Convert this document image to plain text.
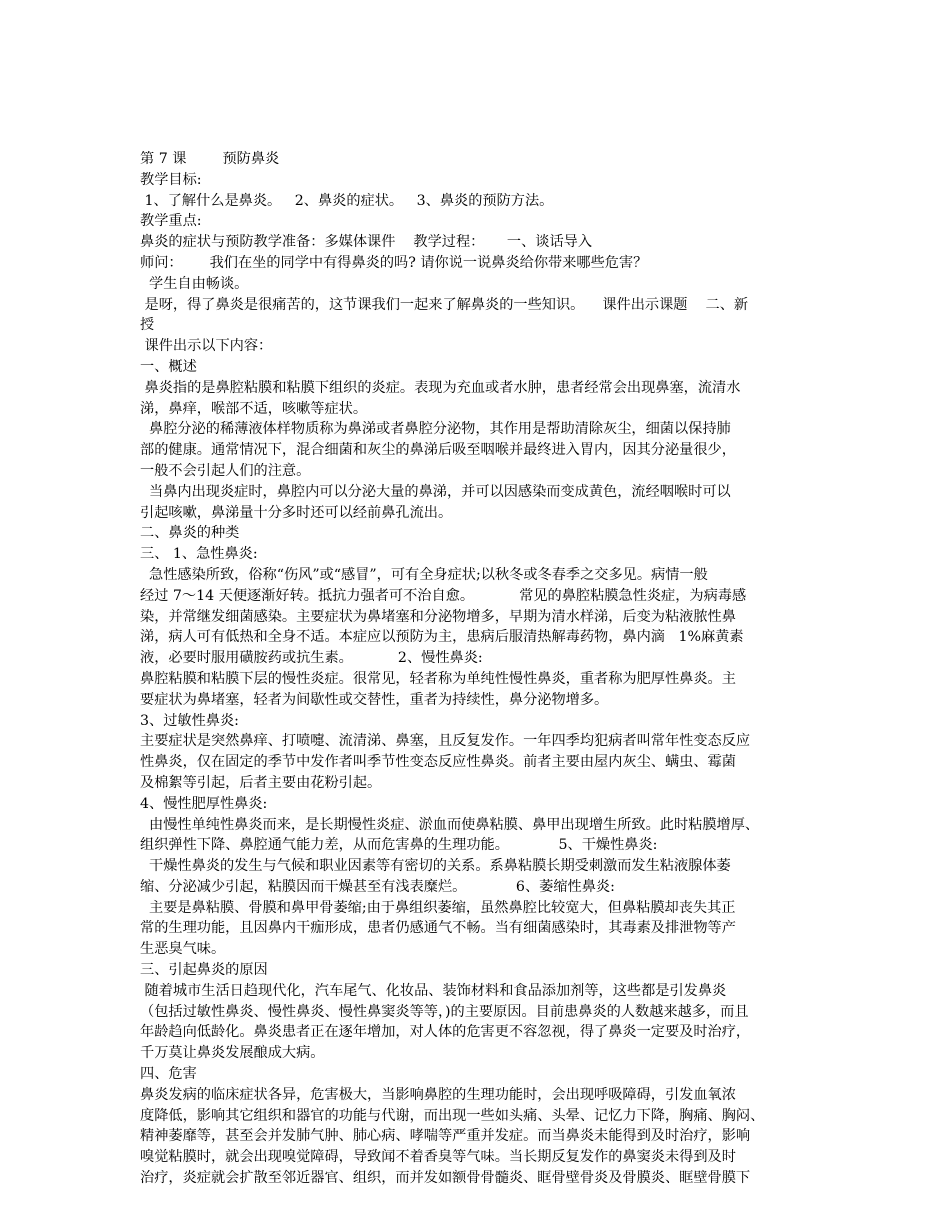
第 7 课        预防鼻炎
教学目标:
1、了解什么是鼻炎。   2、鼻炎的症状。   3、鼻炎的预防方法。
教学重点:
鼻炎的症状与预防教学准备：多媒体课件    教学过程：     一、谈话导入
师问：      我们在坐的同学中有得鼻炎的吗? 请你说一说鼻炎给你带来哪些危害？
学生自由畅谈。
是呀，得了鼻炎是很痛苦的，这节课我们一起来了解鼻炎的一些知识。    课件出示课题    二、新
授
课件出示以下内容：
一、概述
鼻炎指的是鼻腔粘膜和粘膜下组织的炎症。表现为充血或者水肿，患者经常会出现鼻塞，流清水
涕，鼻痒，喉部不适，咳嗽等症状。
鼻腔分泌的稀薄液体样物质称为鼻涕或者鼻腔分泌物，其作用是帮助清除灰尘，细菌以保持肺
部的健康。通常情况下，混合细菌和灰尘的鼻涕后吸至咽喉并最终进入胃内，因其分泌量很少，
一般不会引起人们的注意。
当鼻内出现炎症时，鼻腔内可以分泌大量的鼻涕，并可以因感染而变成黄色，流经咽喉时可以
引起咳嗽，鼻涕量十分多时还可以经前鼻孔流出。
二、鼻炎的种类
三、 1、急性鼻炎:
急性感染所致，俗称“伤风”或“感冒”，可有全身症状;以秋冬或冬春季之交多见。病情一般
经过 7～14 天便逐渐好转。抵抗力强者可不治自愈。          常见的鼻腔粘膜急性炎症，为病毒感
染，并常继发细菌感染。主要症状为鼻堵塞和分泌物增多，早期为清水样涕，后变为粘液脓性鼻
涕，病人可有低热和全身不适。本症应以预防为主，患病后服清热解毒药物，鼻内滴   1%麻黄素
液，必要时服用磺胺药或抗生素。          2、慢性鼻炎:
鼻腔粘膜和粘膜下层的慢性炎症。很常见，轻者称为单纯性慢性鼻炎，重者称为肥厚性鼻炎。主
要症状为鼻堵塞，轻者为间歇性或交替性，重者为持续性，鼻分泌物增多。
3、过敏性鼻炎:
主要症状是突然鼻痒、打喷嚏、流清涕、鼻塞，且反复发作。一年四季均犯病者叫常年性变态反应
性鼻炎，仅在固定的季节中发作者叫季节性变态反应性鼻炎。前者主要由屋内灰尘、螨虫、霉菌
及棉絮等引起，后者主要由花粉引起。
4、慢性肥厚性鼻炎:
由慢性单纯性鼻炎而来，是长期慢性炎症、淤血而使鼻粘膜、鼻甲出现增生所致。此时粘膜增厚、
组织弹性下降、鼻腔通气能力差，从而危害鼻的生理功能。           5、干燥性鼻炎:
干燥性鼻炎的发生与气候和职业因素等有密切的关系。系鼻粘膜长期受刺激而发生粘液腺体萎
缩、分泌减少引起，粘膜因而干燥甚至有浅表糜烂。           6、萎缩性鼻炎:
主要是鼻粘膜、骨膜和鼻甲骨萎缩;由于鼻组织萎缩，虽然鼻腔比较宽大，但鼻粘膜却丧失其正
常的生理功能，且因鼻内干痂形成，患者仍感通气不畅。当有细菌感染时，其毒素及排泄物等产
生恶臭气味。
三、引起鼻炎的原因
随着城市生活日趋现代化，汽车尾气、化妆品、装饰材料和食品添加剂等，这些都是引发鼻炎
（包括过敏性鼻炎、慢性鼻炎、慢性鼻窦炎等等，)的主要原因。目前患鼻炎的人数越来越多，而且
年龄趋向低龄化。鼻炎患者正在逐年增加，对人体的危害更不容忽视，得了鼻炎一定要及时治疗，
千万莫让鼻炎发展酿成大病。
四、危害
鼻炎发病的临床症状各异，危害极大，当影响鼻腔的生理功能时，会出现呼吸障碍，引发血氧浓
度降低，影响其它组织和器官的功能与代谢，而出现一些如头痛、头晕、记忆力下降，胸痛、胸闷、
精神萎靡等，甚至会并发肺气肿、肺心病、哮喘等严重并发症。而当鼻炎未能得到及时治疗，影响
嗅觉粘膜时，就会出现嗅觉障碍，导致闻不着香臭等气味。当长期反复发作的鼻窦炎未得到及时
治疗，炎症就会扩散至邻近器官、组织，而并发如额骨骨髓炎、眶骨壁骨炎及骨膜炎、眶壁骨膜下
